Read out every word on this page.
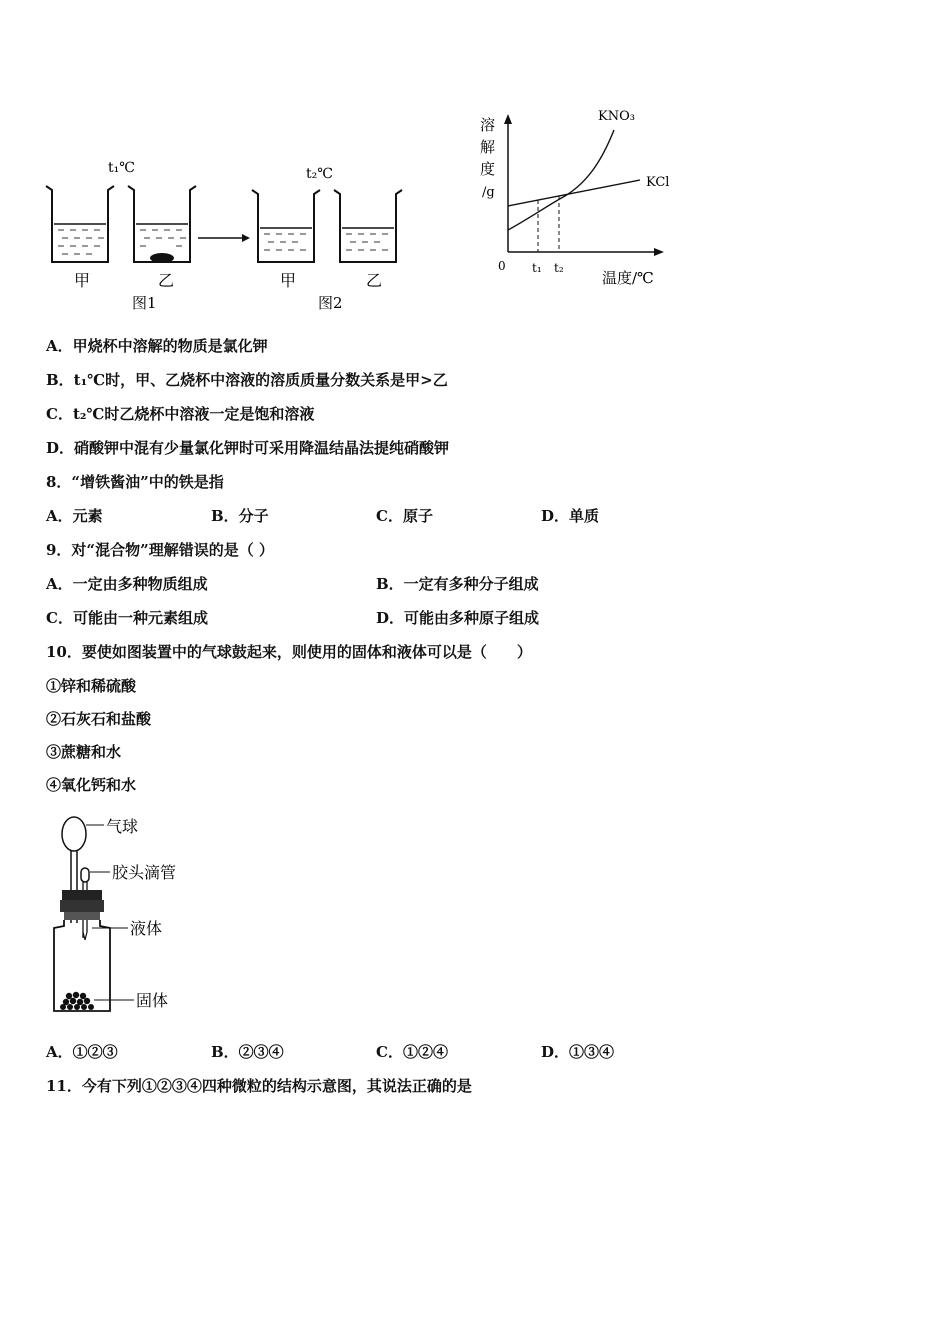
t₁℃
甲	乙
图1
t₂℃
甲	乙
图2
溶
解
度
/g
0 t₁ t₂
温度/℃
KNO₃
KCl
A．甲烧杯中溶解的物质是氯化钾
B．t₁℃时，甲、乙烧杯中溶液的溶质质量分数关系是甲>乙
C．t₂℃时乙烧杯中溶液一定是饱和溶液
D．硝酸钾中混有少量氯化钾时可采用降温结晶法提纯硝酸钾
8．“增铁酱油”中的铁是指
A．元素	B．分子	C．原子	D．单质
9．对“混合物”理解错误的是（ ）
A．一定由多种物质组成	B．一定有多种分子组成
C．可能由一种元素组成	D．可能由多种原子组成
10．要使如图装置中的气球鼓起来，则使用的固体和液体可以是（　　）
①锌和稀硫酸
②石灰石和盐酸
③蔗糖和水
④氧化钙和水
气球
胶头滴管
液体
固体
A．①②③	B．②③④	C．①②④	D．①③④
11．今有下列①②③④四种微粒的结构示意图，其说法正确的是
